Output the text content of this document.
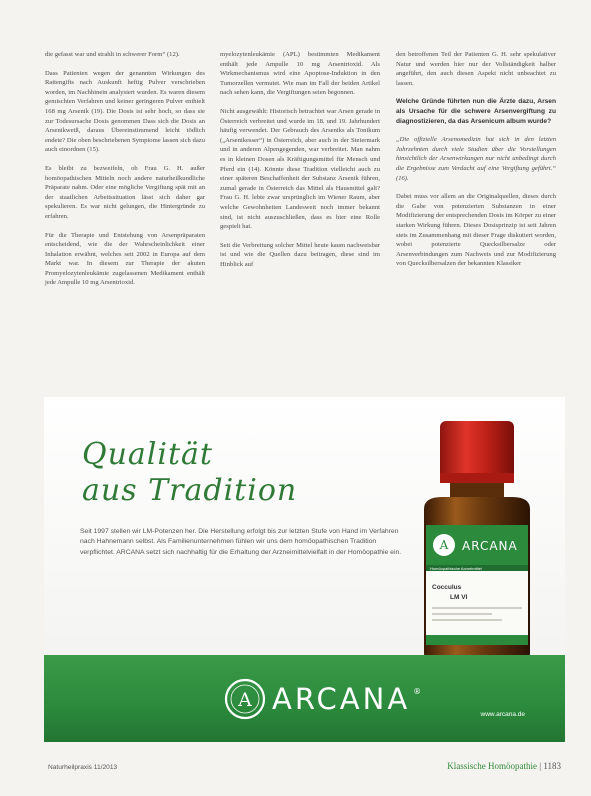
die gefasst war und strahlt in schwerer Form“ (12).

Dass Patienten wegen der genannten Wirkungen des Rattengifts nach Auskunft heftig Pulver verschrieben worden, im Nachhinein analysiert wurden. Es waren diesem gemischten Verfahren und keiner geringeren Pulver enthielt 168 mg Arsenik (19). Die Dosis ist sehr hoch, so dass sie zur Todesursache Dosis genommen Dass sich die Dosis an Arsenikweiß, daraus Übereinstimmend leicht tödlich endete? Die oben beschriebenen Symptome lassen sich dazu auch einordnen (15).

Es bleibt zu bezweifeln, ob Frau G. H. außer homöopathischen Mitteln noch andere naturheilkundliche Präparate nahm. Oder eine mögliche Vergiftung spät mit an der staatlichen Arbeitssituation lässt sich daher gar spekulieren. Es war nicht gelungen, die Hintergründe zu erfahren.

Für die Therapie und Entstehung von Arsenpräparaten entscheidend, wie die der Wahrscheinlichkeit einer Inhalation erwähnt, welches seit 2002 in Europa auf dem Markt war. In diesem zur Therapie der akuten Promyelozytenleukämie zugelassenen Medikament enthält jede Ampulle 10 mg Arsentrioxid.

myelozytenleukämie (APL) bestimmten Medikament enthält jede Ampulle 10 mg Arsentrioxid. Als Wirkmechanismus wird eine Apoptose-Induktion in den Tumorzellen vermutet. Wie man im Fall der beiden Artikel nach sehen kann, die Vergiftungen seien begonnen.

Nicht ausgewählt: Historisch betrachtet war Arsen gerade in Österreich verbreitet und wurde im 18. und 19. Jahrhundert häufig verwendet. Der Gebrauch des Arseniks als Tonikum („Arsenikesser“) in Österreich, aber auch in der Steiermark und in anderen Alpengegenden, war verbreitet. Man nahm es in kleinen Dosen als Kräftigungsmittel für Mensch und Pferd ein (14). Könnte diese Tradition vielleicht auch zu einer späteren Beschaffenheit der Substanz Arsenik führen, zumal gerade in Österreich das Mittel als Hausmittel galt? Frau G. H. lebte zwar ursprünglich im Wiener Raum, aber welche Gewohnheiten Landesweit noch immer bekannt sind, ist nicht auszuschließen, dass es hier eine Rolle gespielt hat.

Seit die Verbreitung solcher Mittel heute kaum nachweisbar ist und wie die Quellen dazu beitragen, diese sind im Hinblick auf

den betroffenen Teil der Patienten G. H. sehr spekulativer Natur und werden hier nur der Vollständigkeit halber angeführt, den auch diesen Aspekt nicht unbeachtet zu lassen.

Welche Gründe führten nun die Ärzte dazu, Arsen als Ursache für die schwere Arsenvergiftung zu diagnostizieren, da das Arsenicum album wurde?

„Die offizielle Arsenomedizin hat sich in den letzten Jahrzehnten durch viele Studien über die Vorstellungen hinsichtlich der Arsenwirkungen nur nicht unbedingt durch die Ergebnisse zum Verdacht auf eine Vergiftung geführt.“ (16).

Dabei muss vor allem an die Originalquellen, dieses durch die Gabe von potenzierten Substanzen in einer Modifizierung der entsprechenden Dosis im Körper zu einer starken Wirkung führen. Dieses Dosisprinzip ist seit Jahren stets im Zusammenhang mit dieser Frage diskutiert worden, wobei potenzierte Quecksilbersalze oder Arsenverbindungen zum Nachweis und zur Modifizierung von Quecksilbersalzen der bekannten Klassiker

Qualität
aus Tradition
Seit 1997 stellen wir LM-Potenzen her. Die Herstellung erfolgt bis zur letzten Stufe von Hand im Verfahren nach Hahnemann selbst. Als Familienunternehmen fühlen wir uns dem homöopathischen Tradition verpflichtet. ARCANA setzt sich nachhaltig für die Erhaltung der Arzneimittelvielfalt in der Homöopathie ein.
A ARCANA
Homöopathische Arzneimittel
Cocculus
LM VI
A ARCANA ®
www.arcana.de
Naturheilpraxis 11/2013	Klassische Homöopathie | 1183
